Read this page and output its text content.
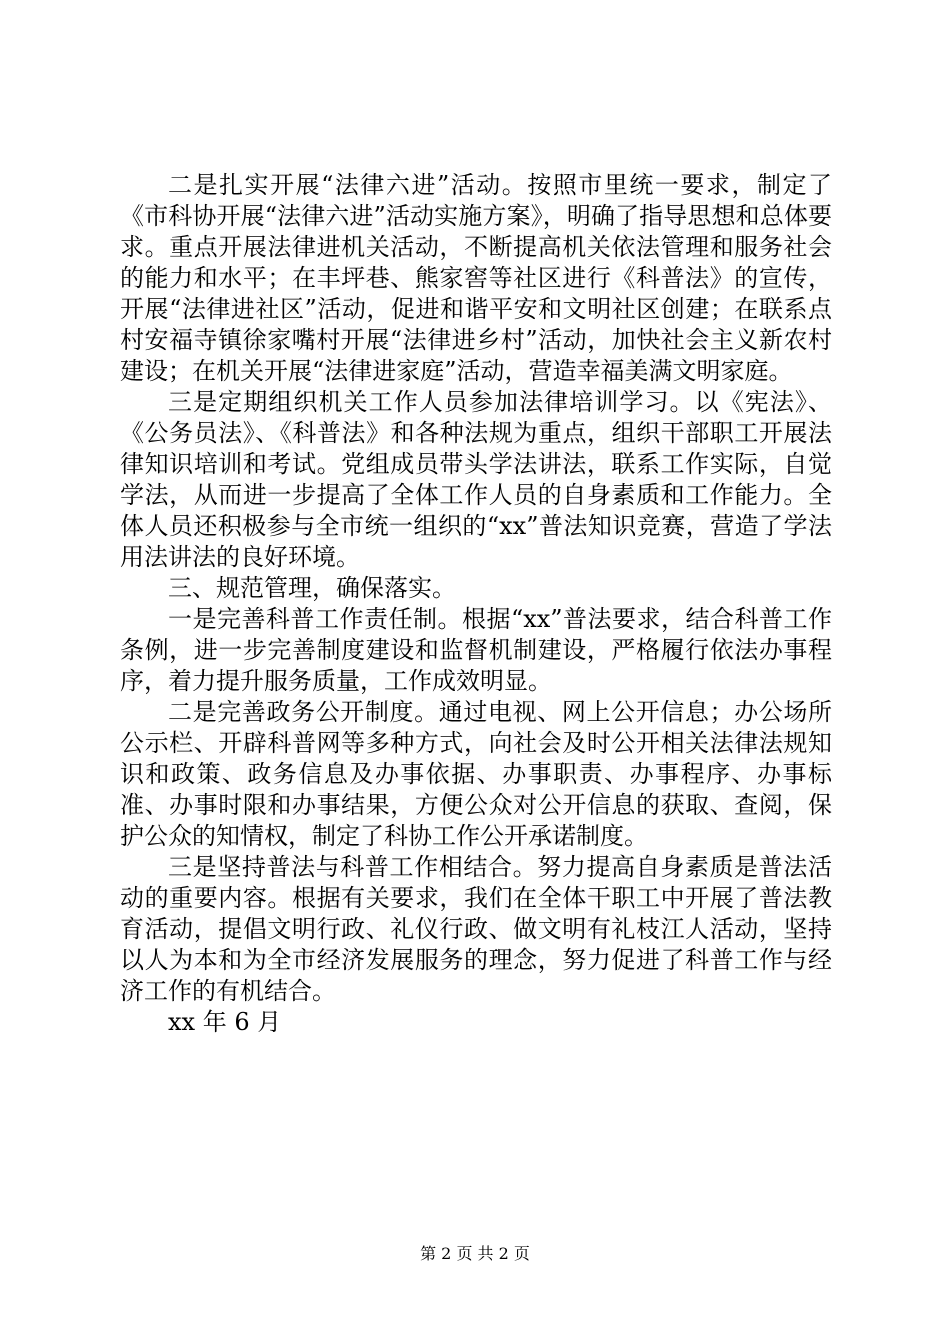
二是扎实开展“法律六进”活动。按照市里统一要求，制定了《市科协开展“法律六进”活动实施方案》，明确了指导思想和总体要求。重点开展法律进机关活动，不断提高机关依法管理和服务社会的能力和水平；在丰坪巷、熊家窖等社区进行《科普法》的宣传，开展“法律进社区”活动，促进和谐平安和文明社区创建；在联系点村安福寺镇徐家嘴村开展“法律进乡村”活动，加快社会主义新农村建设；在机关开展“法律进家庭”活动，营造幸福美满文明家庭。

三是定期组织机关工作人员参加法律培训学习。以《宪法》、《公务员法》、《科普法》和各种法规为重点，组织干部职工开展法律知识培训和考试。党组成员带头学法讲法，联系工作实际，自觉学法，从而进一步提高了全体工作人员的自身素质和工作能力。全体人员还积极参与全市统一组织的“xx”普法知识竞赛，营造了学法用法讲法的良好环境。

三、规范管理，确保落实。

一是完善科普工作责任制。根据“xx”普法要求，结合科普工作条例，进一步完善制度建设和监督机制建设，严格履行依法办事程序，着力提升服务质量，工作成效明显。

二是完善政务公开制度。通过电视、网上公开信息；办公场所公示栏、开辟科普网等多种方式，向社会及时公开相关法律法规知识和政策、政务信息及办事依据、办事职责、办事程序、办事标准、办事时限和办事结果，方便公众对公开信息的获取、查阅，保护公众的知情权，制定了科协工作公开承诺制度。

三是坚持普法与科普工作相结合。努力提高自身素质是普法活动的重要内容。根据有关要求，我们在全体干职工中开展了普法教育活动，提倡文明行政、礼仪行政、做文明有礼枝江人活动，坚持以人为本和为全市经济发展服务的理念，努力促进了科普工作与经济工作的有机结合。

xx 年 6 月

第 2 页 共 2 页
